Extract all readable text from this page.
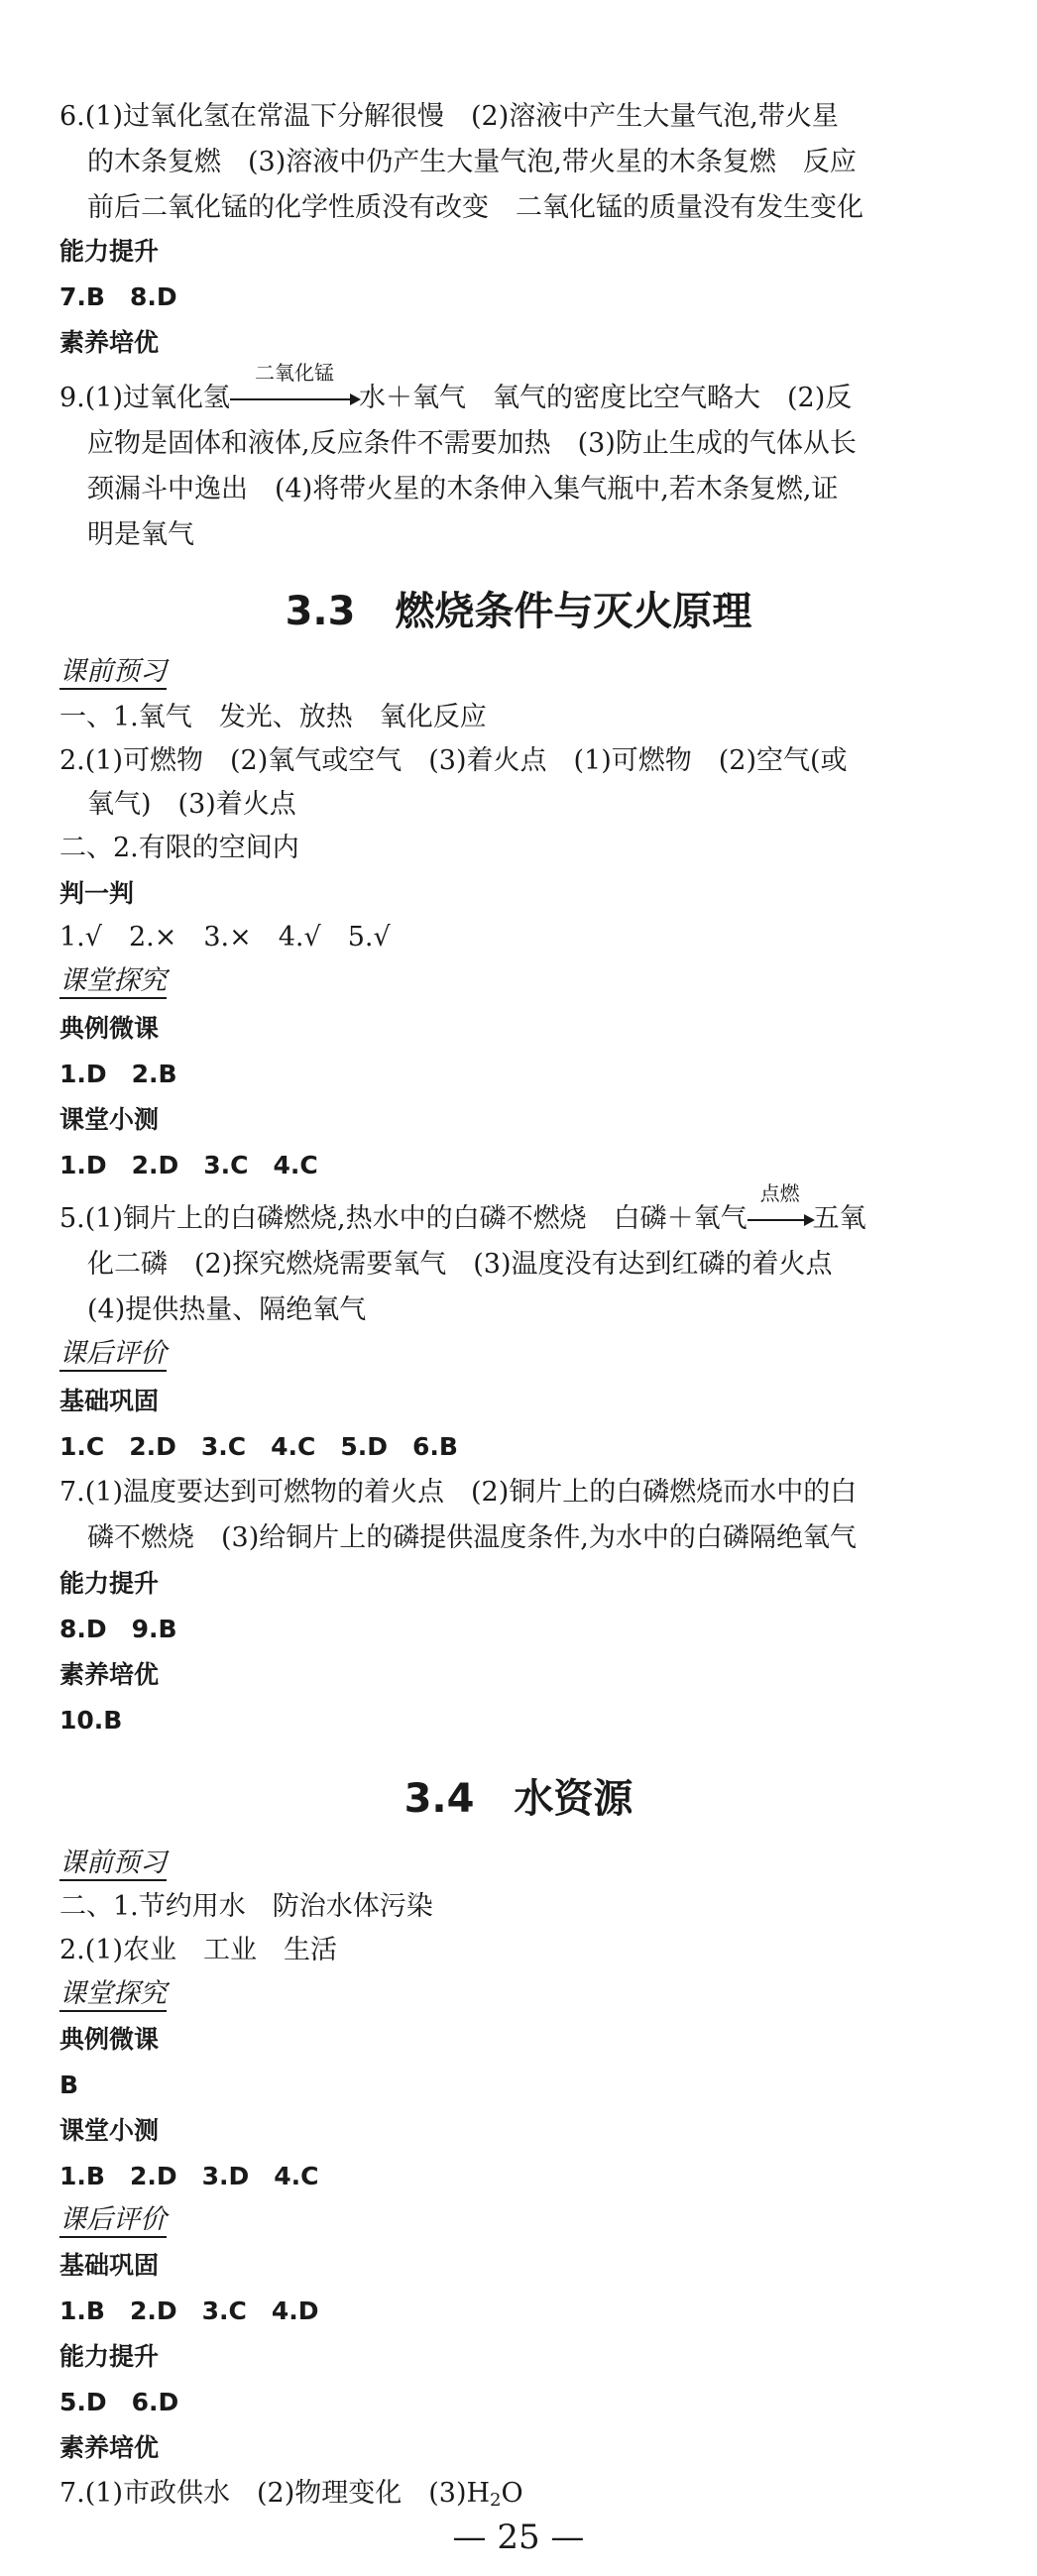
6.(1)过氧化氢在常温下分解很慢　(2)溶液中产生大量气泡,带火星
的木条复燃　(3)溶液中仍产生大量气泡,带火星的木条复燃　反应
前后二氧化锰的化学性质没有改变　二氧化锰的质量没有发生变化
能力提升
7.B　8.D
素养培优
9.(1)过氧化氢
二氧化锰
水＋氧气　氧气的密度比空气略大　(2)反
应物是固体和液体,反应条件不需要加热　(3)防止生成的气体从长
颈漏斗中逸出　(4)将带火星的木条伸入集气瓶中,若木条复燃,证
明是氧气
3.3 燃烧条件与灭火原理
课前预习
一、1.氧气　发光、放热　氧化反应
2.(1)可燃物　(2)氧气或空气　(3)着火点　(1)可燃物　(2)空气(或
氧气)　(3)着火点
二、2.有限的空间内
判一判
1.√　2.×　3.×　4.√　5.√
课堂探究
典例微课
1.D　2.B
课堂小测
1.D　2.D　3.C　4.C
5.(1)铜片上的白磷燃烧,热水中的白磷不燃烧　白磷＋氧气
点燃
五氧
化二磷　(2)探究燃烧需要氧气　(3)温度没有达到红磷的着火点
(4)提供热量、隔绝氧气
课后评价
基础巩固
1.C　2.D　3.C　4.C　5.D　6.B
7.(1)温度要达到可燃物的着火点　(2)铜片上的白磷燃烧而水中的白
磷不燃烧　(3)给铜片上的磷提供温度条件,为水中的白磷隔绝氧气
能力提升
8.D　9.B
素养培优
10.B
3.4 水资源
课前预习
二、1.节约用水　防治水体污染
2.(1)农业　工业　生活
课堂探究
典例微课
B
课堂小测
1.B　2.D　3.D　4.C
课后评价
基础巩固
1.B　2.D　3.C　4.D
能力提升
5.D　6.D
素养培优
7.(1)市政供水　(2)物理变化　$(3)H_2O$
— 25 —
